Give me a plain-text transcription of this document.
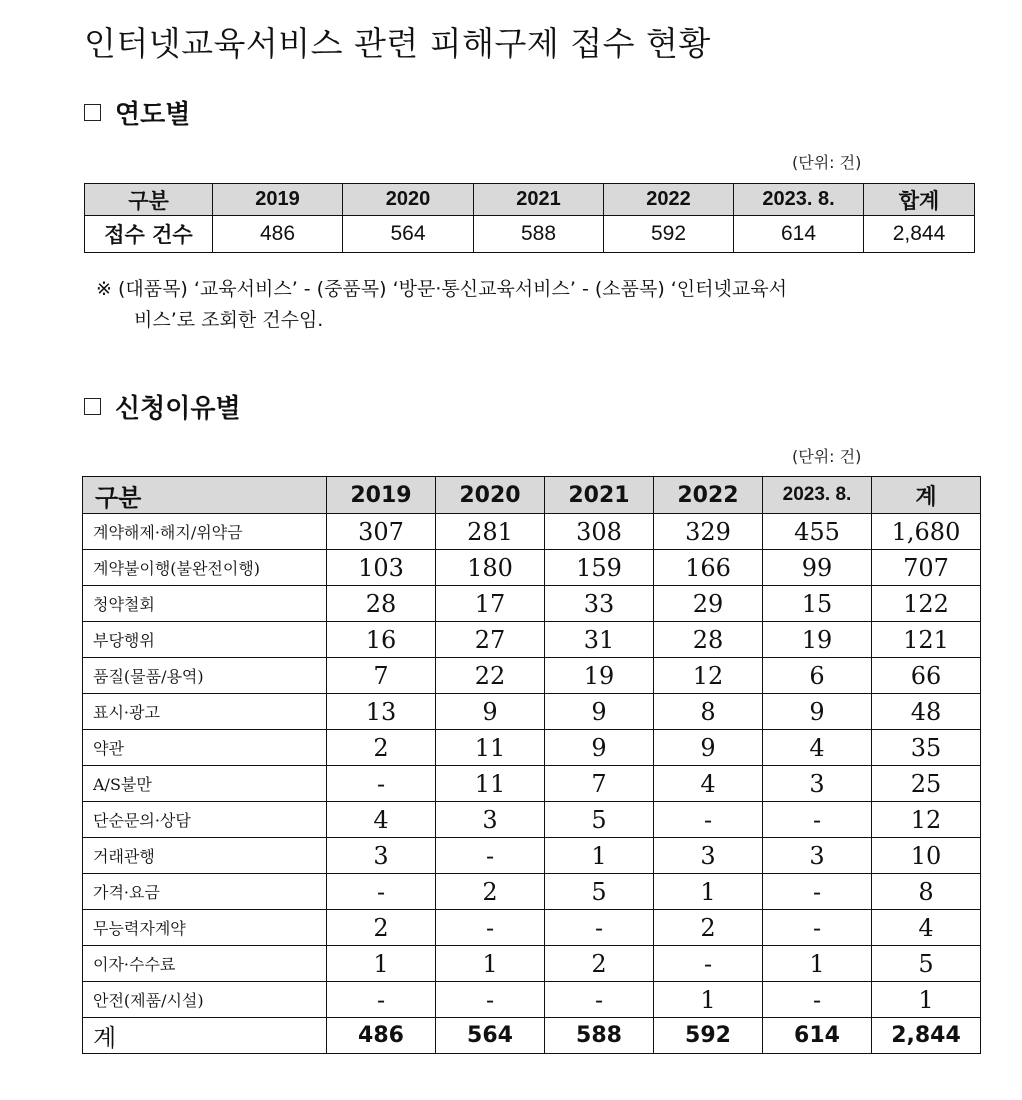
인터넷교육서비스 관련 피해구제 접수 현황
연도별
(단위: 건)
구분	2019	2020	2021	2022	2023. 8.	합계
접수 건수	486	564	588	592	614	2,844
※ (대품목) ‘교육서비스’ - (중품목) ‘방문·통신교육서비스’ - (소품목) ‘인터넷교육서
비스’로 조회한 건수임.
신청이유별
(단위: 건)
구분	2019	2020	2021	2022	2023. 8.	계
계약해제·해지/위약금	307	281	308	329	455	1,680
계약불이행(불완전이행)	103	180	159	166	99	707
청약철회	28	17	33	29	15	122
부당행위	16	27	31	28	19	121
품질(물품/용역)	7	22	19	12	6	66
표시·광고	13	9	9	8	9	48
약관	2	11	9	9	4	35
A/S불만	-	11	7	4	3	25
단순문의·상담	4	3	5	-	-	12
거래관행	3	-	1	3	3	10
가격·요금	-	2	5	1	-	8
무능력자계약	2	-	-	2	-	4
이자·수수료	1	1	2	-	1	5
안전(제품/시설)	-	-	-	1	-	1
계	486	564	588	592	614	2,844
